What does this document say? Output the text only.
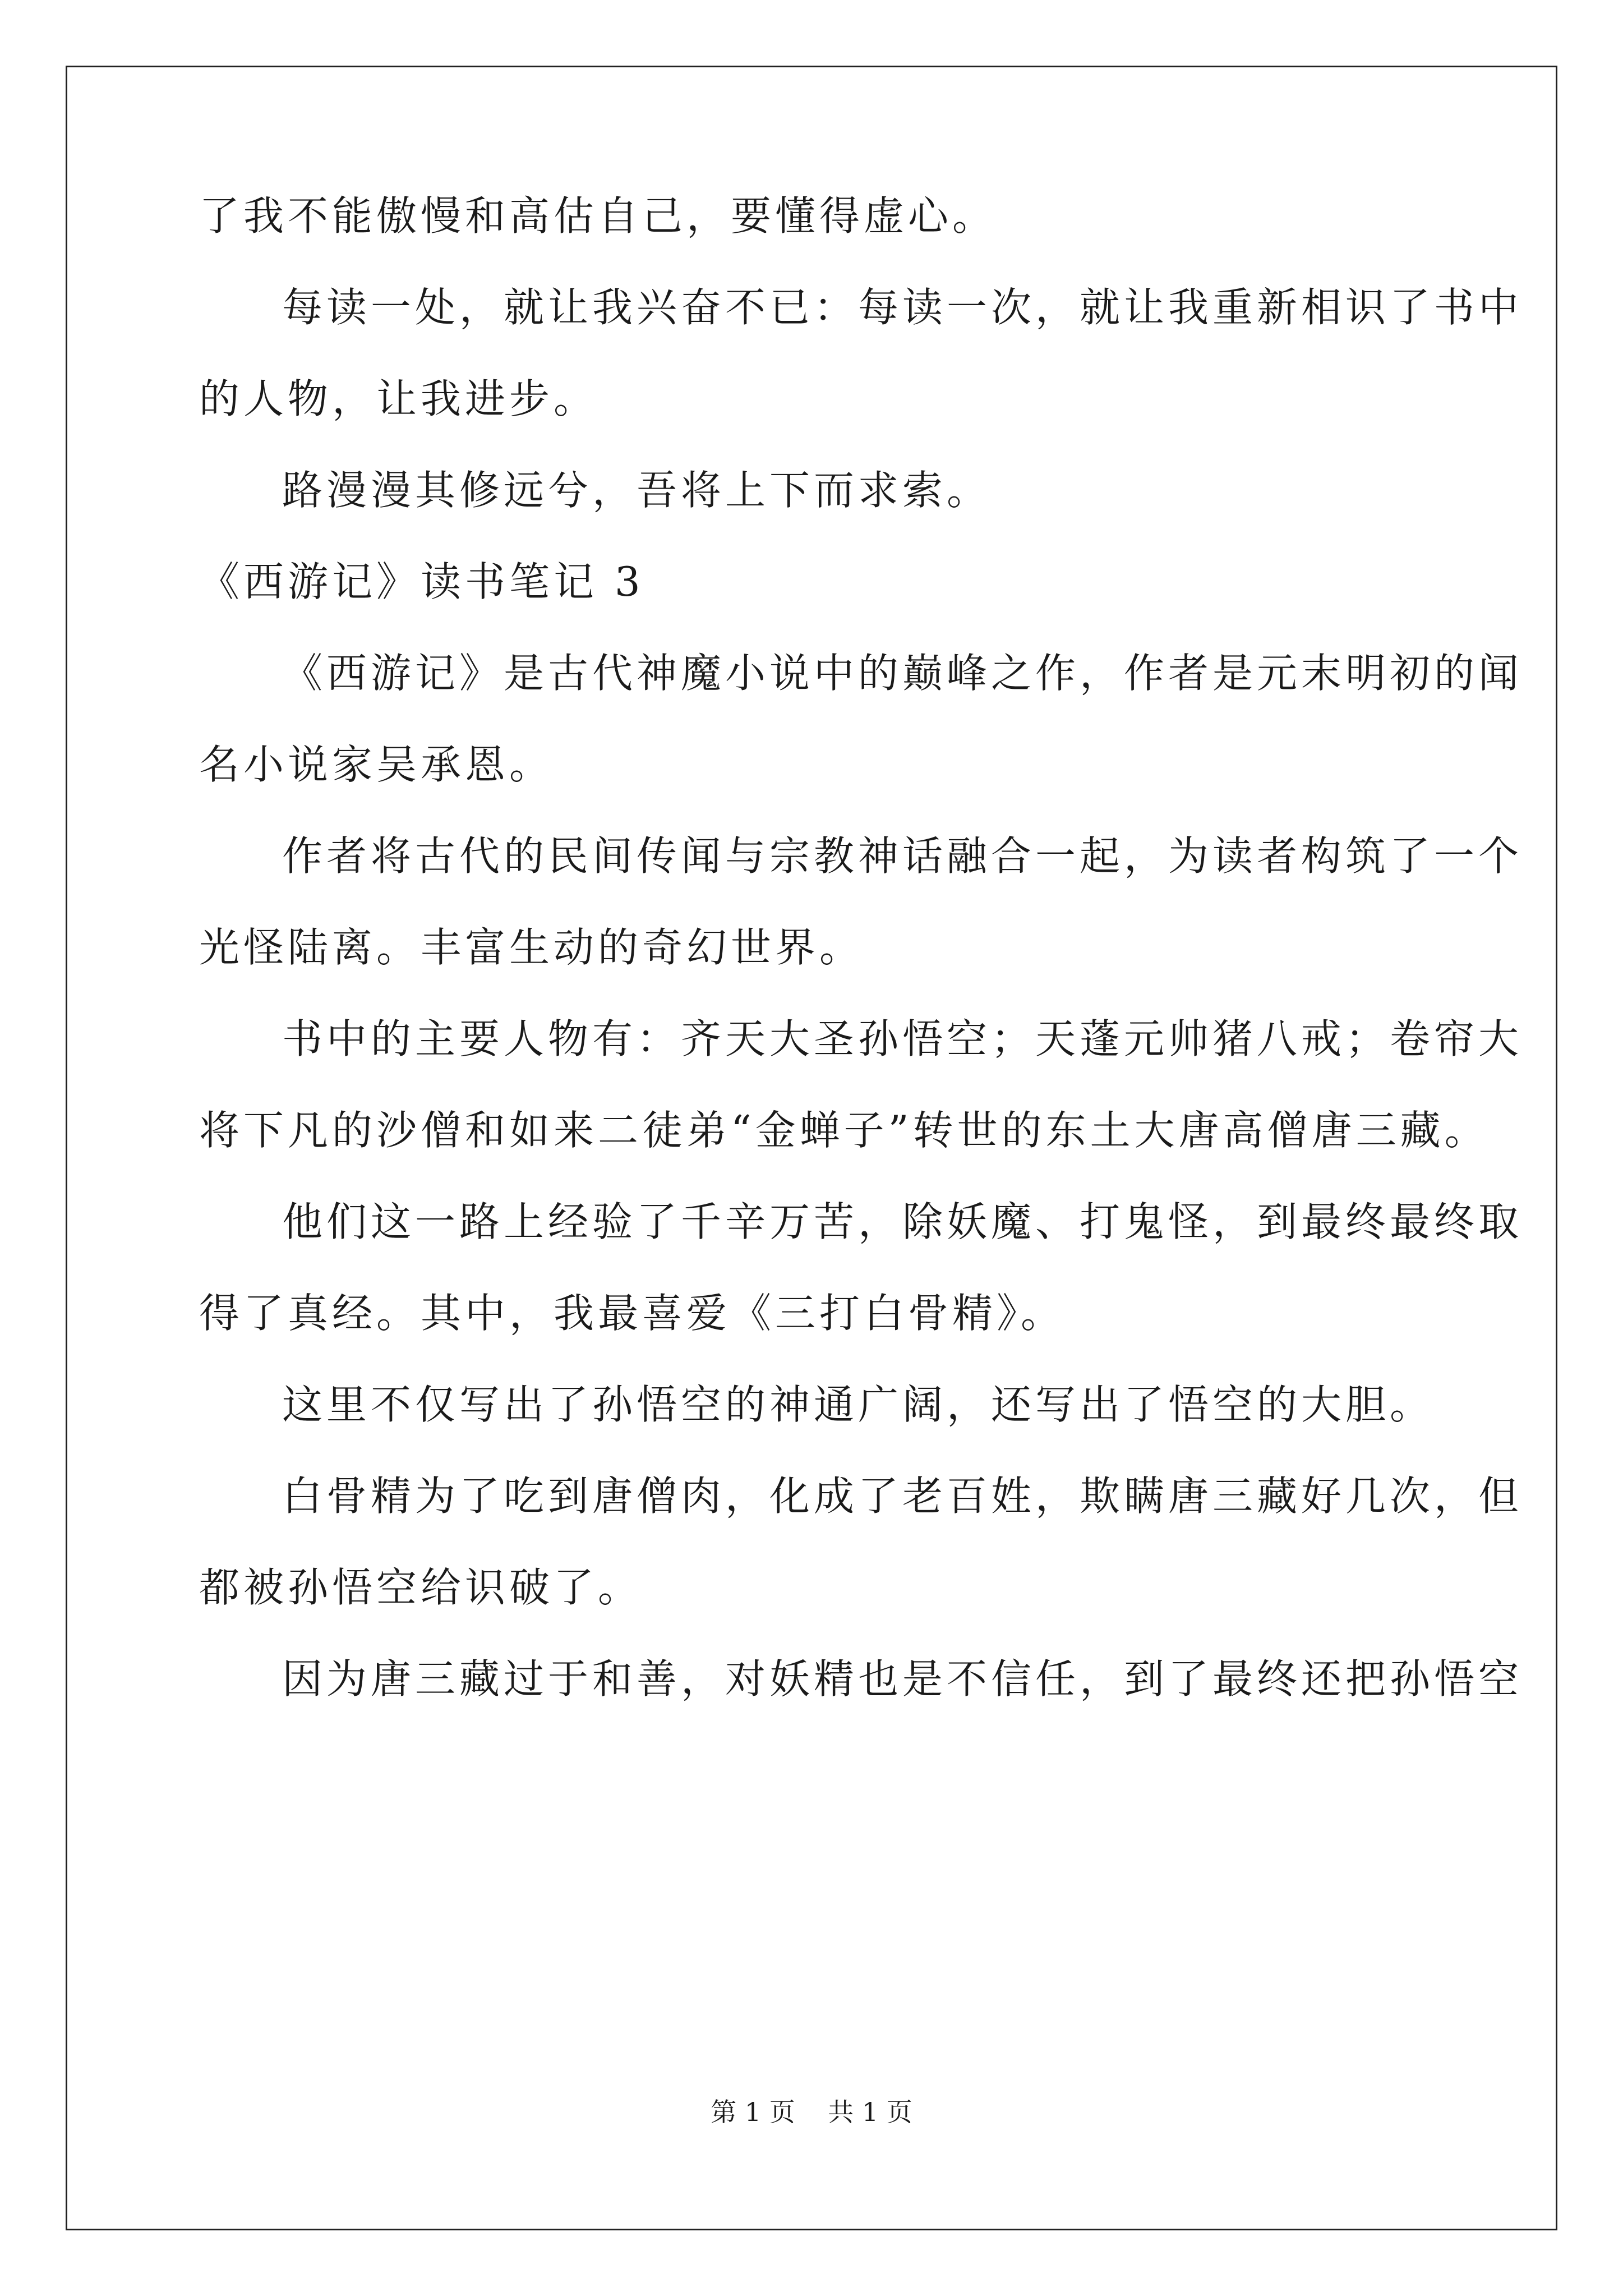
了我不能傲慢和高估自己，要懂得虚心。
每读一处，就让我兴奋不已：每读一次，就让我重新相识了书中
的人物，让我进步。
路漫漫其修远兮，吾将上下而求索。
《西游记》读书笔记 3
《西游记》是古代神魔小说中的巅峰之作，作者是元末明初的闻
名小说家吴承恩。
作者将古代的民间传闻与宗教神话融合一起，为读者构筑了一个
光怪陆离。丰富生动的奇幻世界。
书中的主要人物有：齐天大圣孙悟空；天蓬元帅猪八戒；卷帘大
将下凡的沙僧和如来二徒弟“金蝉子”转世的东土大唐高僧唐三藏。
他们这一路上经验了千辛万苦，除妖魔、打鬼怪，到最终最终取
得了真经。其中，我最喜爱《三打白骨精》。
这里不仅写出了孙悟空的神通广阔，还写出了悟空的大胆。
白骨精为了吃到唐僧肉，化成了老百姓，欺瞒唐三藏好几次，但
都被孙悟空给识破了。
因为唐三藏过于和善，对妖精也是不信任，到了最终还把孙悟空
第 1 页    共 1 页
